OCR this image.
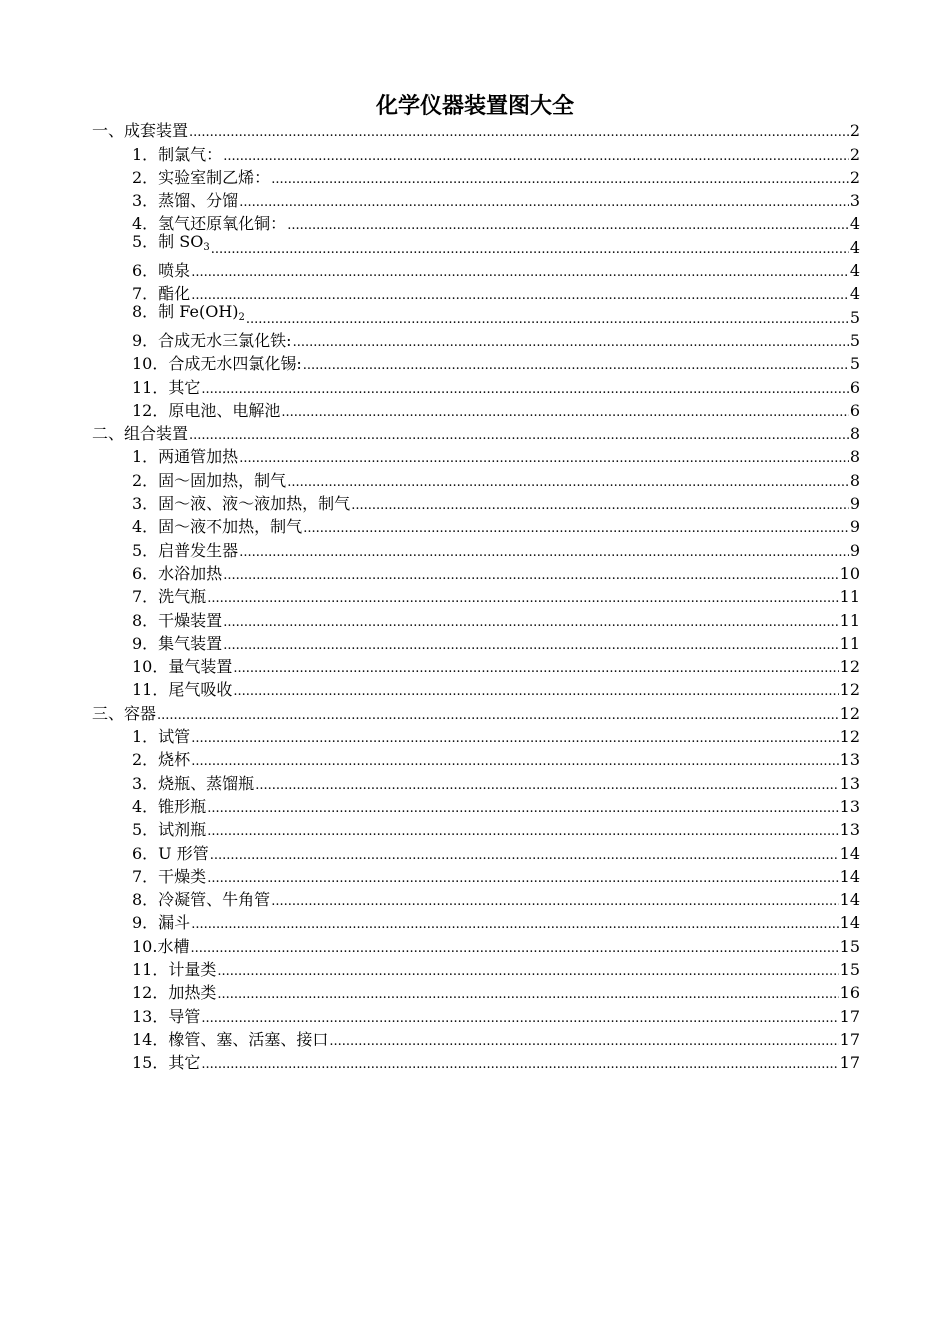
化学仪器装置图大全
一、成套装置 .....	2
1．制氯气： .....	2
2．实验室制乙烯： .....	2
3．蒸馏、分馏 .....	3
4．氢气还原氧化铜： .....	4
5．制 $SO_3$ .....	4
6．喷泉 .....	4
7．酯化 .....	4
8．制 $Fe(OH)_2$ .....	5
9．合成无水三氯化铁: .....	5
10．合成无水四氯化锡: .....	5
11．其它 .....	6
12．原电池、电解池 .....	6
二、组合装置 .....	8
1．两通管加热 .....	8
2．固～固加热，制气 .....	8
3．固～液、液～液加热，制气 .....	9
4．固～液不加热，制气 .....	9
5．启普发生器 .....	9
6．水浴加热 .....	10
7．洗气瓶 .....	11
8．干燥装置 .....	11
9．集气装置 .....	11
10．量气装置 .....	12
11．尾气吸收 .....	12
三、容器 .....	12
1．试管 .....	12
2．烧杯 .....	13
3．烧瓶、蒸馏瓶 .....	13
4．锥形瓶 .....	13
5．试剂瓶 .....	13
6．U 形管 .....	14
7．干燥类 .....	14
8．冷凝管、牛角管 .....	14
9．漏斗 .....	14
10.水槽 .....	15
11．计量类 .....	15
12．加热类 .....	16
13．导管 .....	17
14．橡管、塞、活塞、接口 .....	17
15．其它 .....	17
